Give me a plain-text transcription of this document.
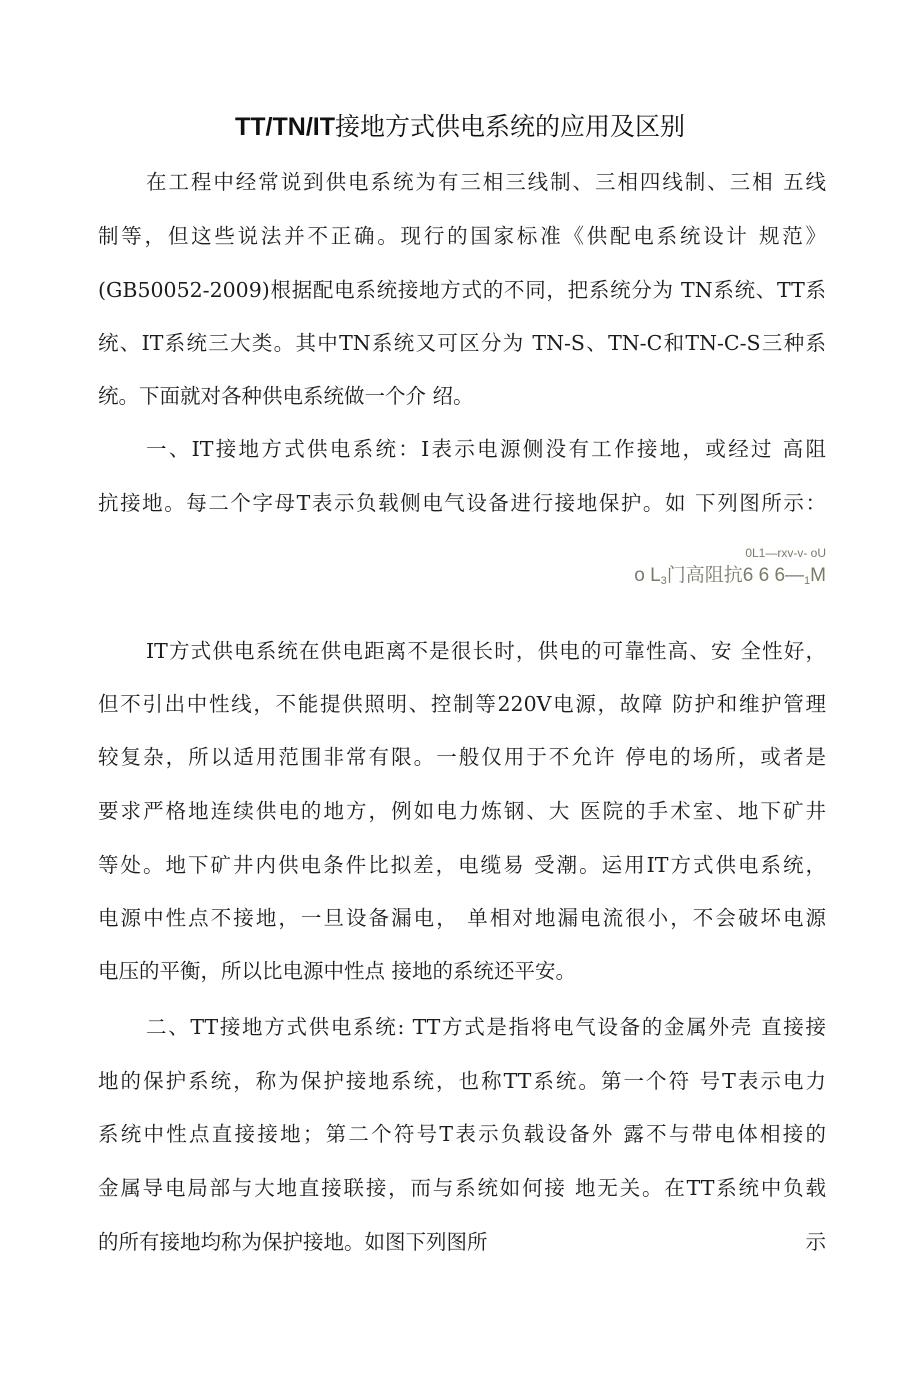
TT/TN/IT接地方式供电系统的应用及区别
在工程中经常说到供电系统为有三相三线制、三相四线制、三相 五线
制等，但这些说法并不正确。现行的国家标准《供配电系统设计 规范》
(GB50052-2009)根据配电系统接地方式的不同，把系统分为 TN系统、TT系
统、IT系统三大类。其中TN系统又可区分为 TN-S、TN-C和TN-C-S三种系
统。下面就对各种供电系统做一个介 绍。
一、IT接地方式供电系统：I表示电源侧没有工作接地，或经过 高阻
抗接地。每二个字母T表示负载侧电气设备进行接地保护。如 下列图所示：
0L1—rxv-v- oU
o $L_3$门高阻抗6 6 $6—_1M$
IT方式供电系统在供电距离不是很长时，供电的可靠性高、安 全性好，
但不引出中性线，不能提供照明、控制等220V电源，故障 防护和维护管理
较复杂，所以适用范围非常有限。一般仅用于不允许 停电的场所，或者是
要求严格地连续供电的地方，例如电力炼钢、大 医院的手术室、地下矿井
等处。地下矿井内供电条件比拟差，电缆易 受潮。运用IT方式供电系统，
电源中性点不接地，一旦设备漏电， 单相对地漏电流很小，不会破坏电源
电压的平衡，所以比电源中性点 接地的系统还平安。
二、TT接地方式供电系统: TT方式是指将电气设备的金属外壳 直接接
地的保护系统，称为保护接地系统，也称TT系统。第一个符 号T表示电力
系统中性点直接接地；第二个符号T表示负载设备外 露不与带电体相接的
金属导电局部与大地直接联接，而与系统如何接 地无关。在TT系统中负载
的所有接地均称为保护接地。如图下列图所	示
